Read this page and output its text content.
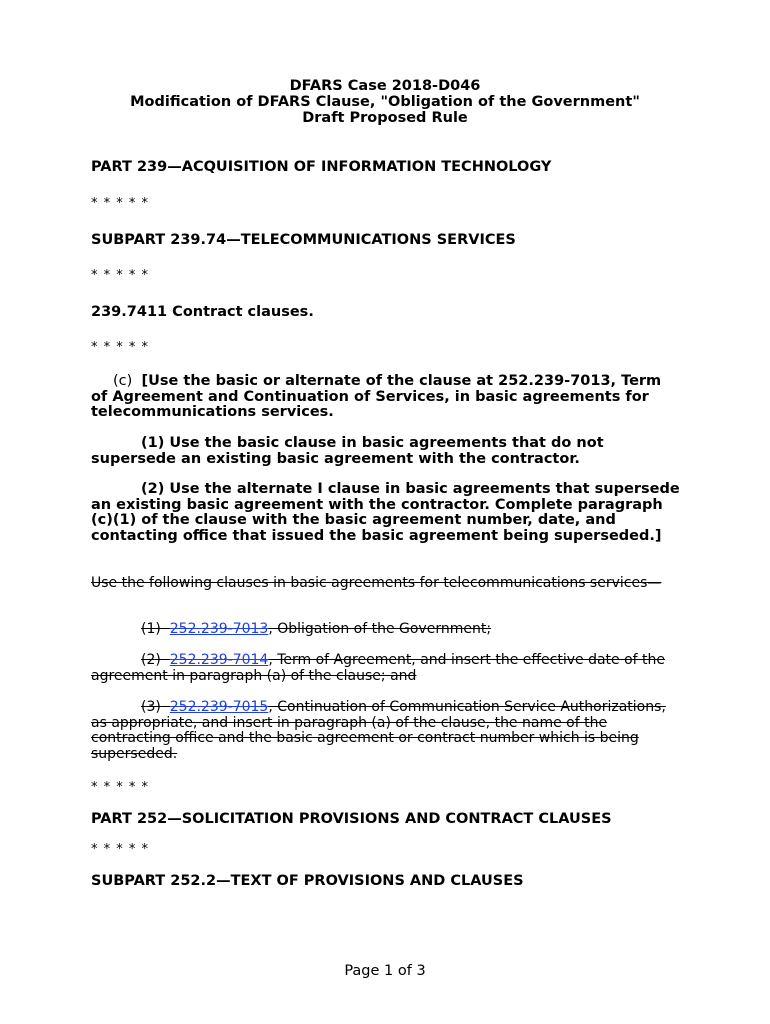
DFARS Case 2018-D046
Modification of DFARS Clause, "Obligation of the Government"
Draft Proposed Rule
PART 239—ACQUISITION OF INFORMATION TECHNOLOGY
* * * * *
SUBPART 239.74—TELECOMMUNICATIONS SERVICES
* * * * *
239.7411 Contract clauses.
* * * * *
(c) [Use the basic or alternate of the clause at 252.239-7013, Term of Agreement and Continuation of Services, in basic agreements for telecommunications services.
(1) Use the basic clause in basic agreements that do not supersede an existing basic agreement with the contractor.
(2) Use the alternate I clause in basic agreements that supersede an existing basic agreement with the contractor. Complete paragraph (c)(1) of the clause with the basic agreement number, date, and contacting office that issued the basic agreement being superseded.]
Use the following clauses in basic agreements for telecommunications services—
(1) 252.239-7013, Obligation of the Government;
(2) 252.239-7014, Term of Agreement, and insert the effective date of the agreement in paragraph (a) of the clause; and
(3) 252.239-7015, Continuation of Communication Service Authorizations, as appropriate, and insert in paragraph (a) of the clause, the name of the contracting office and the basic agreement or contract number which is being superseded.
* * * * *
PART 252—SOLICITATION PROVISIONS AND CONTRACT CLAUSES
* * * * *
SUBPART 252.2—TEXT OF PROVISIONS AND CLAUSES
Page 1 of 3
